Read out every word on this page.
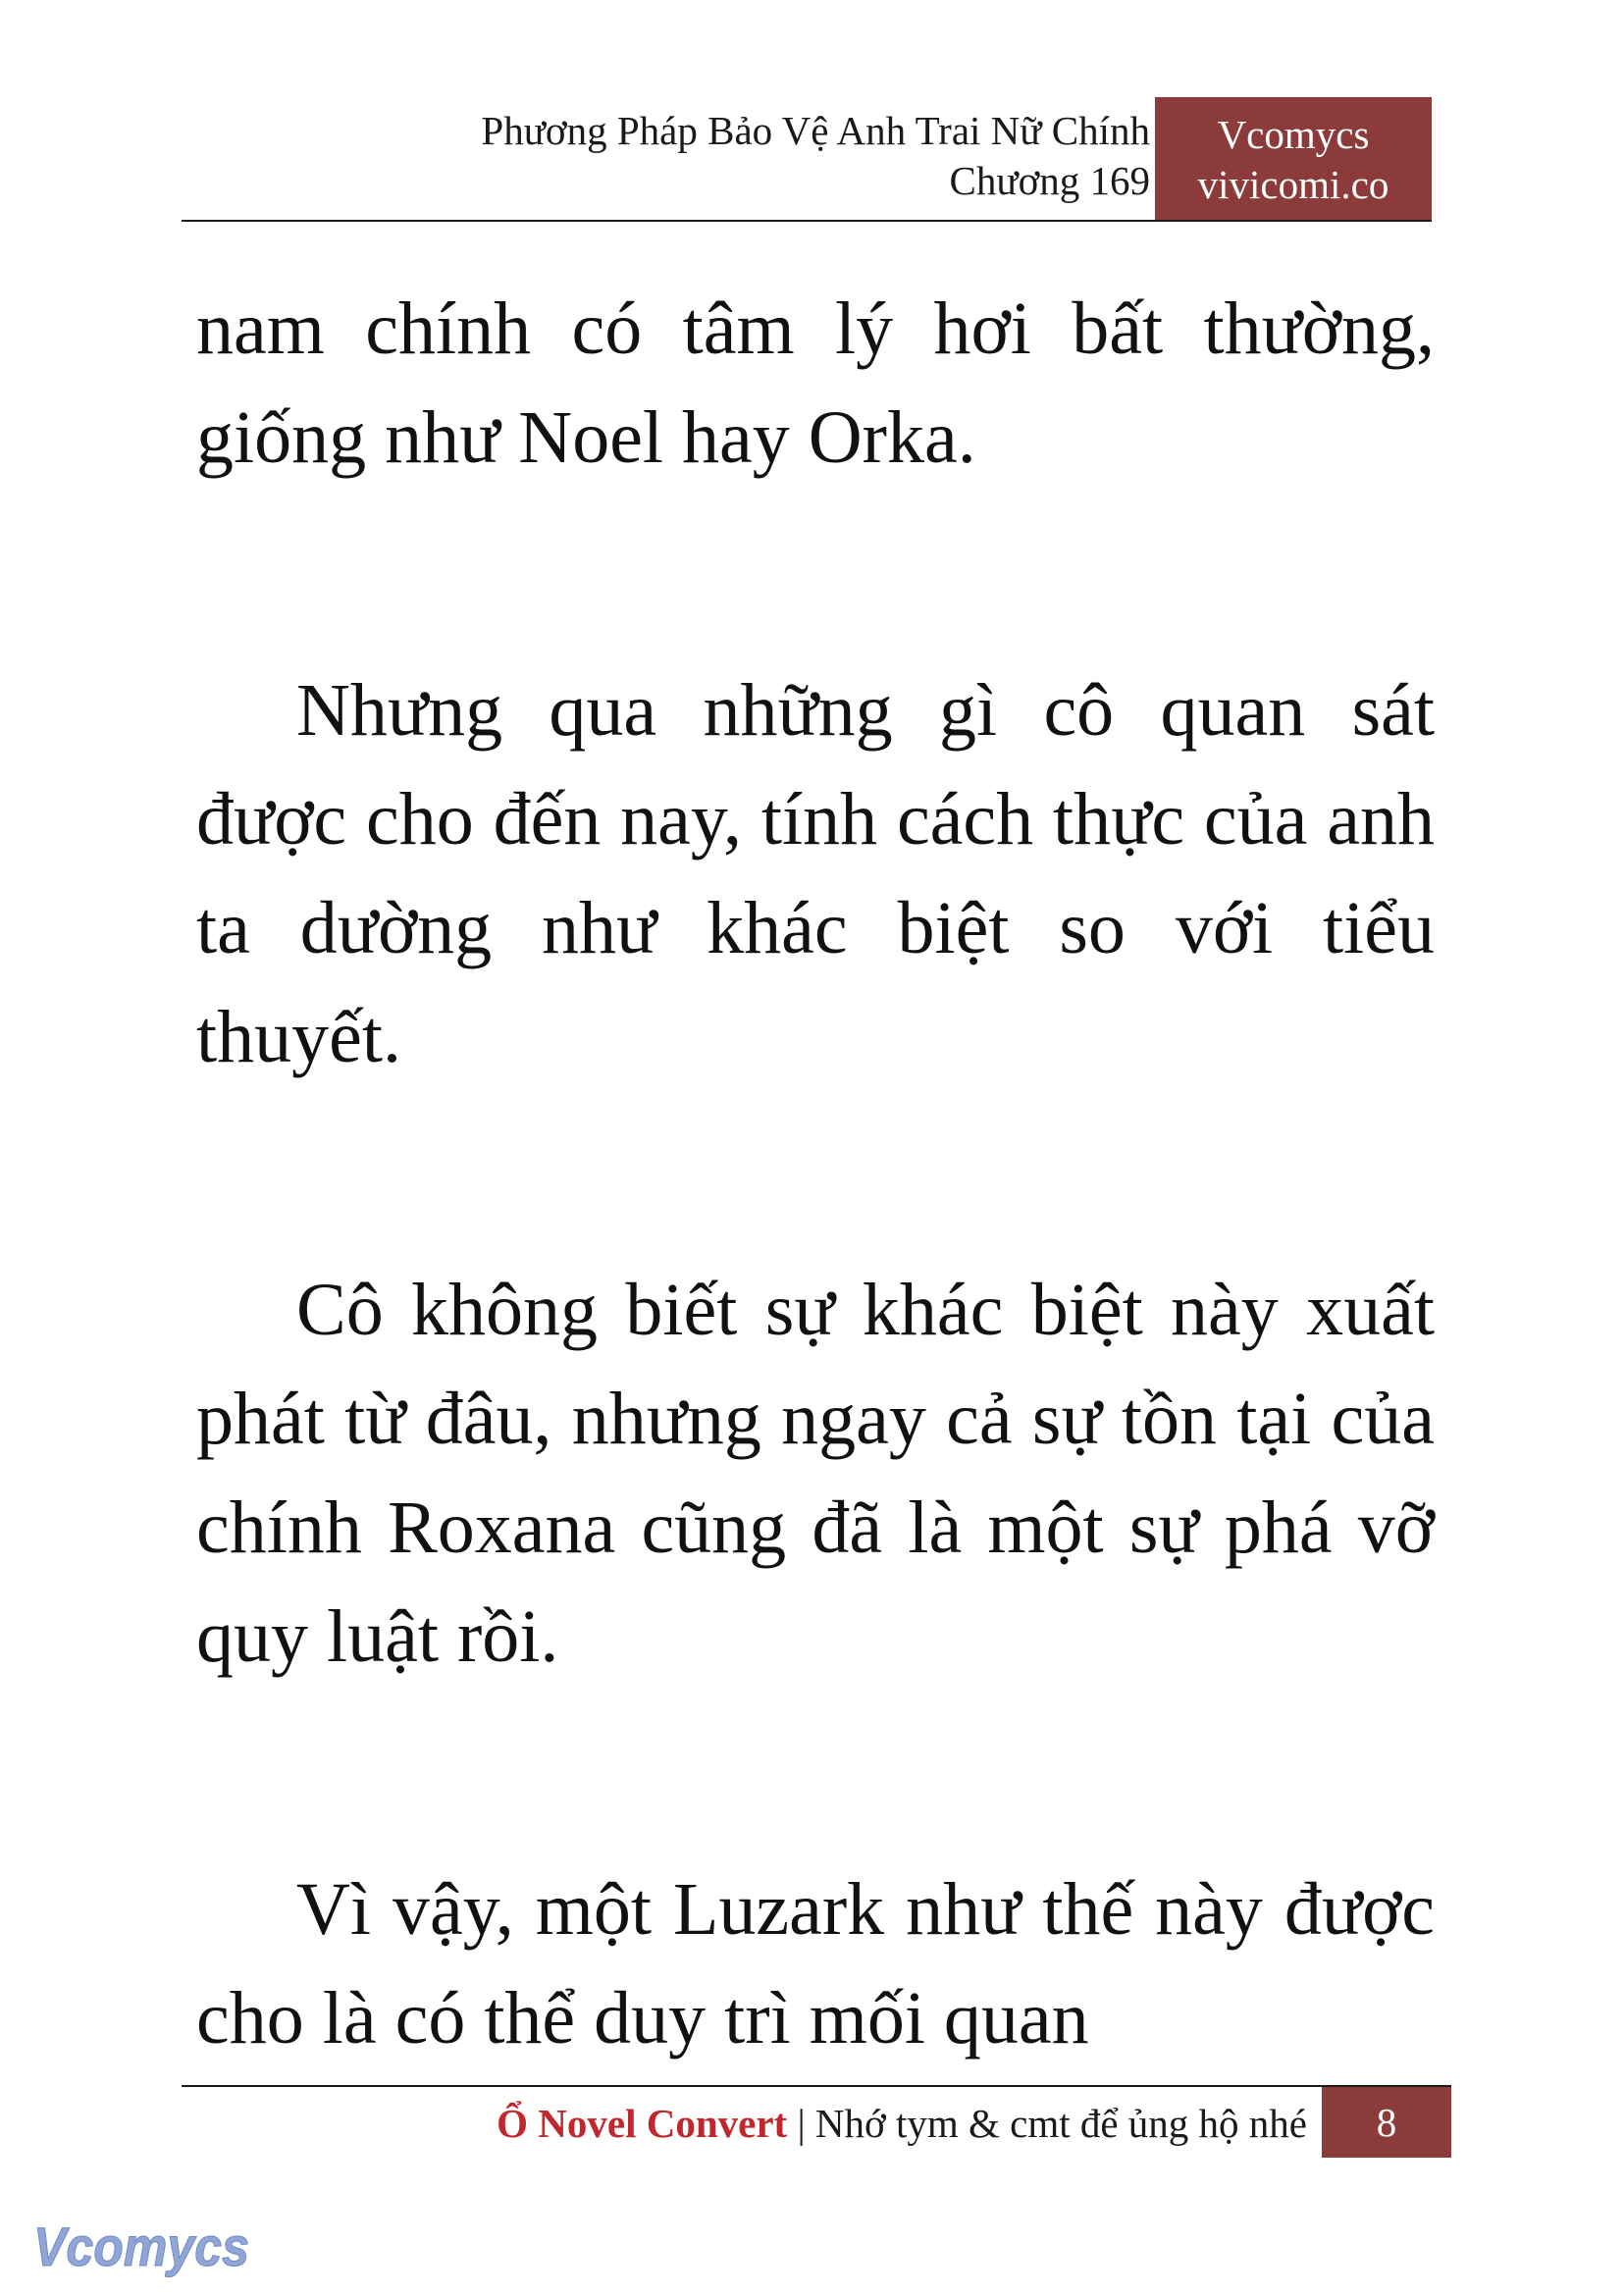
Phương Pháp Bảo Vệ Anh Trai Nữ Chính
Chương 169
Vcomycs
vivicomi.co

nam chính có tâm lý hơi bất thường, giống như Noel hay Orka.

Nhưng qua những gì cô quan sát được cho đến nay, tính cách thực của anh ta dường như khác biệt so với tiểu thuyết.

Cô không biết sự khác biệt này xuất phát từ đâu, nhưng ngay cả sự tồn tại của chính Roxana cũng đã là một sự phá vỡ quy luật rồi.

Vì vậy, một Luzark như thế này được cho là có thể duy trì mối quan

Ổ Novel Convert | Nhớ tym & cmt để ủng hộ nhé	8
Vcomycs
